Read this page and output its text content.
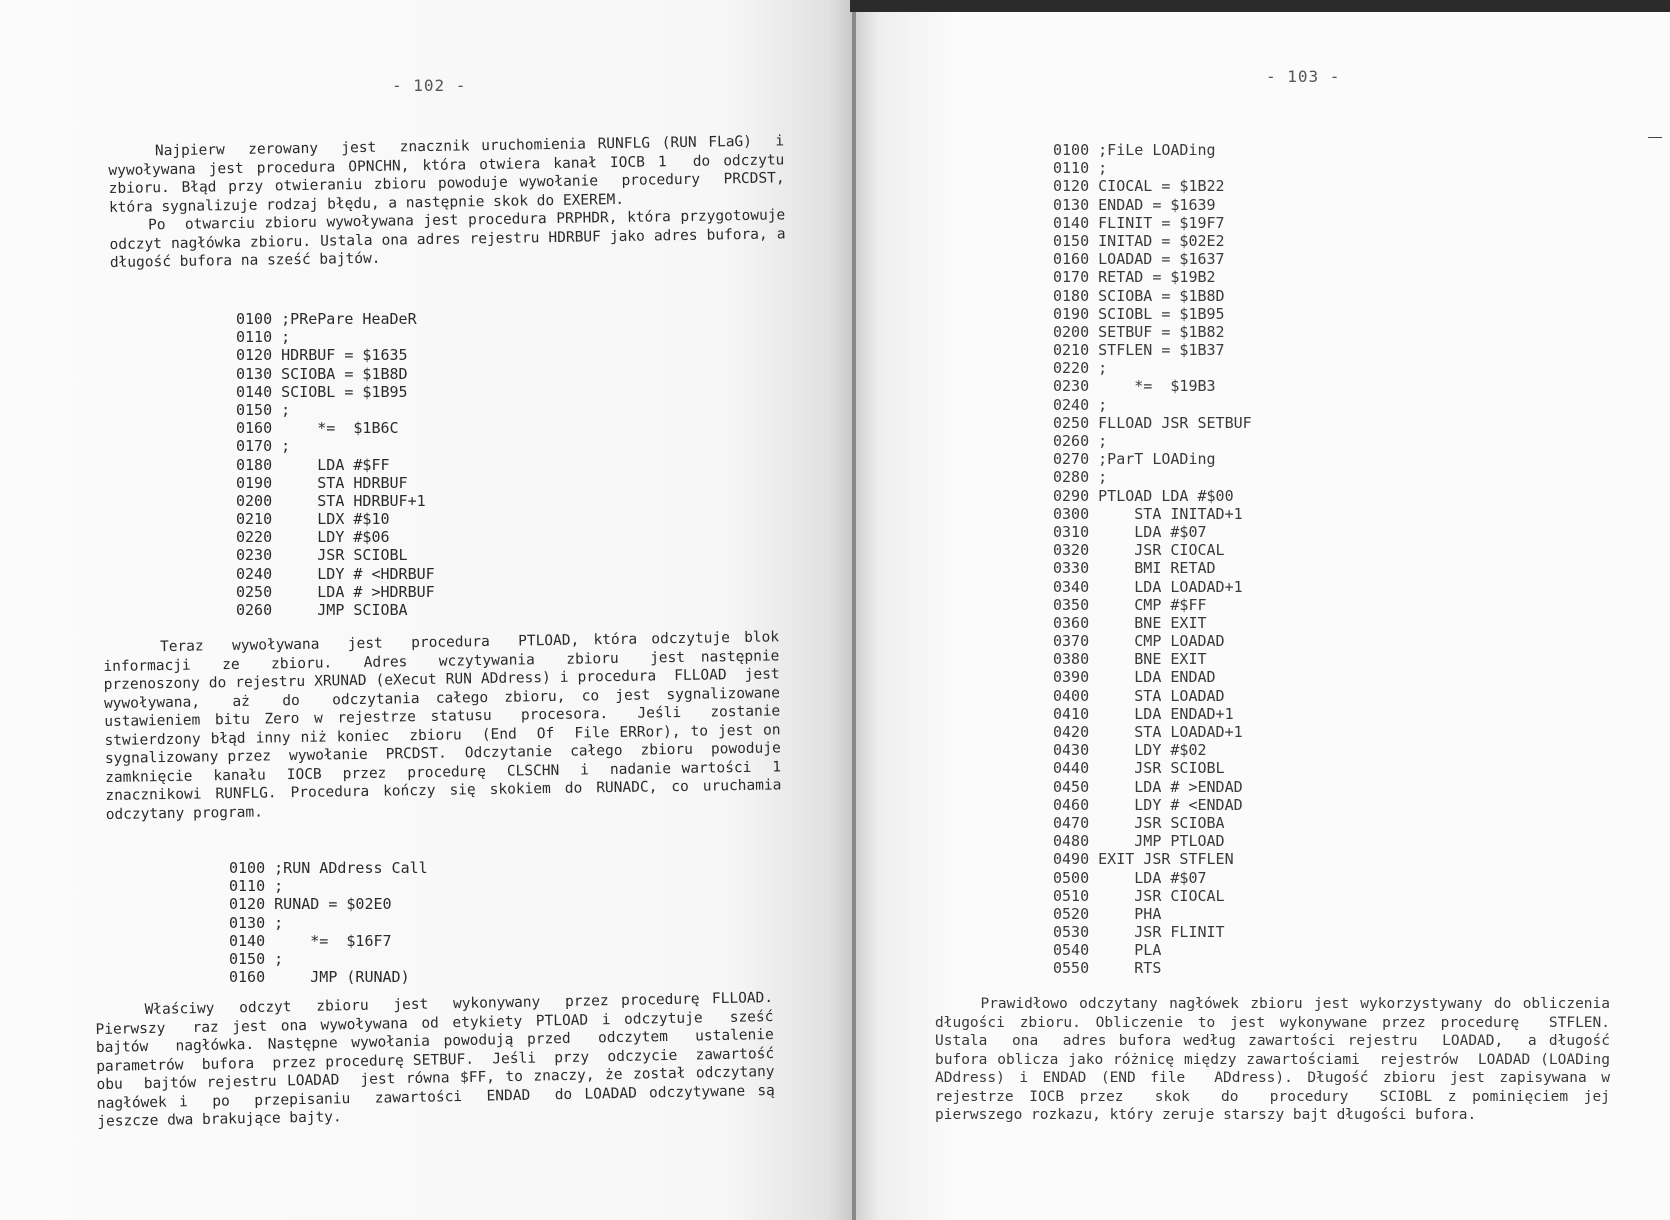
- 102 -

Najpierw  zerowany  jest  znacznik uruchomienia RUNFLG (RUN FLaG)  i  wywoływana jest procedura OPNCHN, która otwiera kanał IOCB 1  do odczytu zbioru. Błąd przy otwieraniu zbioru powoduje wywołanie  procedury  PRCDST, która sygnalizuje rodzaj błędu, a następnie skok do EXEREM.
Po  otwarciu zbioru wywoływana jest procedura PRPHDR, która przygotowuje  odczyt nagłówka zbioru. Ustala ona adres rejestru HDRBUF jako adres bufora, a długość bufora na sześć bajtów.

0100 ;PRePare HeaDeR
0110 ;
0120 HDRBUF = $1635
0130 SCIOBA = $1B8D
0140 SCIOBL = $1B95
0150 ;
0160     *=  $1B6C
0170 ;
0180     LDA #$FF
0190     STA HDRBUF
0200     STA HDRBUF+1
0210     LDX #$10
0220     LDY #$06
0230     JSR SCIOBL
0240     LDY # <HDRBUF
0250     LDA # >HDRBUF
0260     JMP SCIOBA

Teraz  wywoływana  jest  procedura  PTLOAD, która odczytuje blok  informacji  ze  zbioru.  Adres  wczytywania  zbioru  jest następnie przenoszony do rejestru XRUNAD (eXecut RUN ADdress) i procedura  FLLOAD  jest  wywoływana,  aż  do  odczytania całego zbioru, co jest sygnalizowane ustawieniem bitu Zero w rejestrze statusu  procesora.  Jeśli  zostanie  stwierdzony błąd inny niż koniec  zbioru  (End  Of  File ERRor), to jest on sygnalizowany przez  wywołanie  PRCDST.  Odczytanie  całego  zbioru  powoduje zamknięcie  kanału  IOCB  przez  procedurę  CLSCHN  i  nadanie wartości  1 znacznikowi RUNFLG. Procedura kończy się skokiem do RUNADC, co uruchamia odczytany program.

0100 ;RUN ADdress Call
0110 ;
0120 RUNAD = $02E0
0130 ;
0140     *=  $16F7
0150 ;
0160     JMP (RUNAD)

Właściwy  odczyt  zbioru  jest  wykonywany  przez procedurę FLLOAD.  Pierwszy  raz jest ona wywoływana od etykiety PTLOAD i odczytuje  sześć  bajtów  nagłówka. Następne wywołania powodują przed  odczytem  ustalenie  parametrów  bufora  przez procedurę SETBUF.  Jeśli  przy  odczycie  zawartość  obu  bajtów rejestru LOADAD  jest równa $FF, to znaczy, że został odczytany nagłówek i  po  przepisaniu  zawartości  ENDAD  do LOADAD odczytywane są jeszcze dwa brakujące bajty.

- 103 -

Prawidłowo odczytany nagłówek zbioru jest wykorzystywany do obliczenia długości zbioru. Obliczenie to jest wykonywane przez procedurę  STFLEN.  Ustala  ona  adres bufora według zawartości rejestru  LOADAD,  a długość bufora oblicza jako różnicę między zawartościami  rejestrów  LOADAD (LOADing ADdress) i ENDAD (END file  ADdress). Długość zbioru jest zapisywana w rejestrze IOCB przez  skok  do  procedury  SCIOBL z pominięciem jej pierwszego rozkazu, który zeruje starszy bajt długości bufora.

0100 ;FiLe LOADing
0110 ;
0120 CIOCAL = $1B22
0130 ENDAD = $1639
0140 FLINIT = $19F7
0150 INITAD = $02E2
0160 LOADAD = $1637
0170 RETAD = $19B2
0180 SCIOBA = $1B8D
0190 SCIOBL = $1B95
0200 SETBUF = $1B82
0210 STFLEN = $1B37
0220 ;
0230     *=  $19B3
0240 ;
0250 FLLOAD JSR SETBUF
0260 ;
0270 ;ParT LOADing
0280 ;
0290 PTLOAD LDA #$00
0300     STA INITAD+1
0310     LDA #$07
0320     JSR CIOCAL
0330     BMI RETAD
0340     LDA LOADAD+1
0350     CMP #$FF
0360     BNE EXIT
0370     CMP LOADAD
0380     BNE EXIT
0390     LDA ENDAD
0400     STA LOADAD
0410     LDA ENDAD+1
0420     STA LOADAD+1
0430     LDY #$02
0440     JSR SCIOBL
0450     LDA # >ENDAD
0460     LDY # <ENDAD
0470     JSR SCIOBA
0480     JMP PTLOAD
0490 EXIT JSR STFLEN
0500     LDA #$07
0510     JSR CIOCAL
0520     PHA
0530     JSR FLINIT
0540     PLA
0550     RTS
